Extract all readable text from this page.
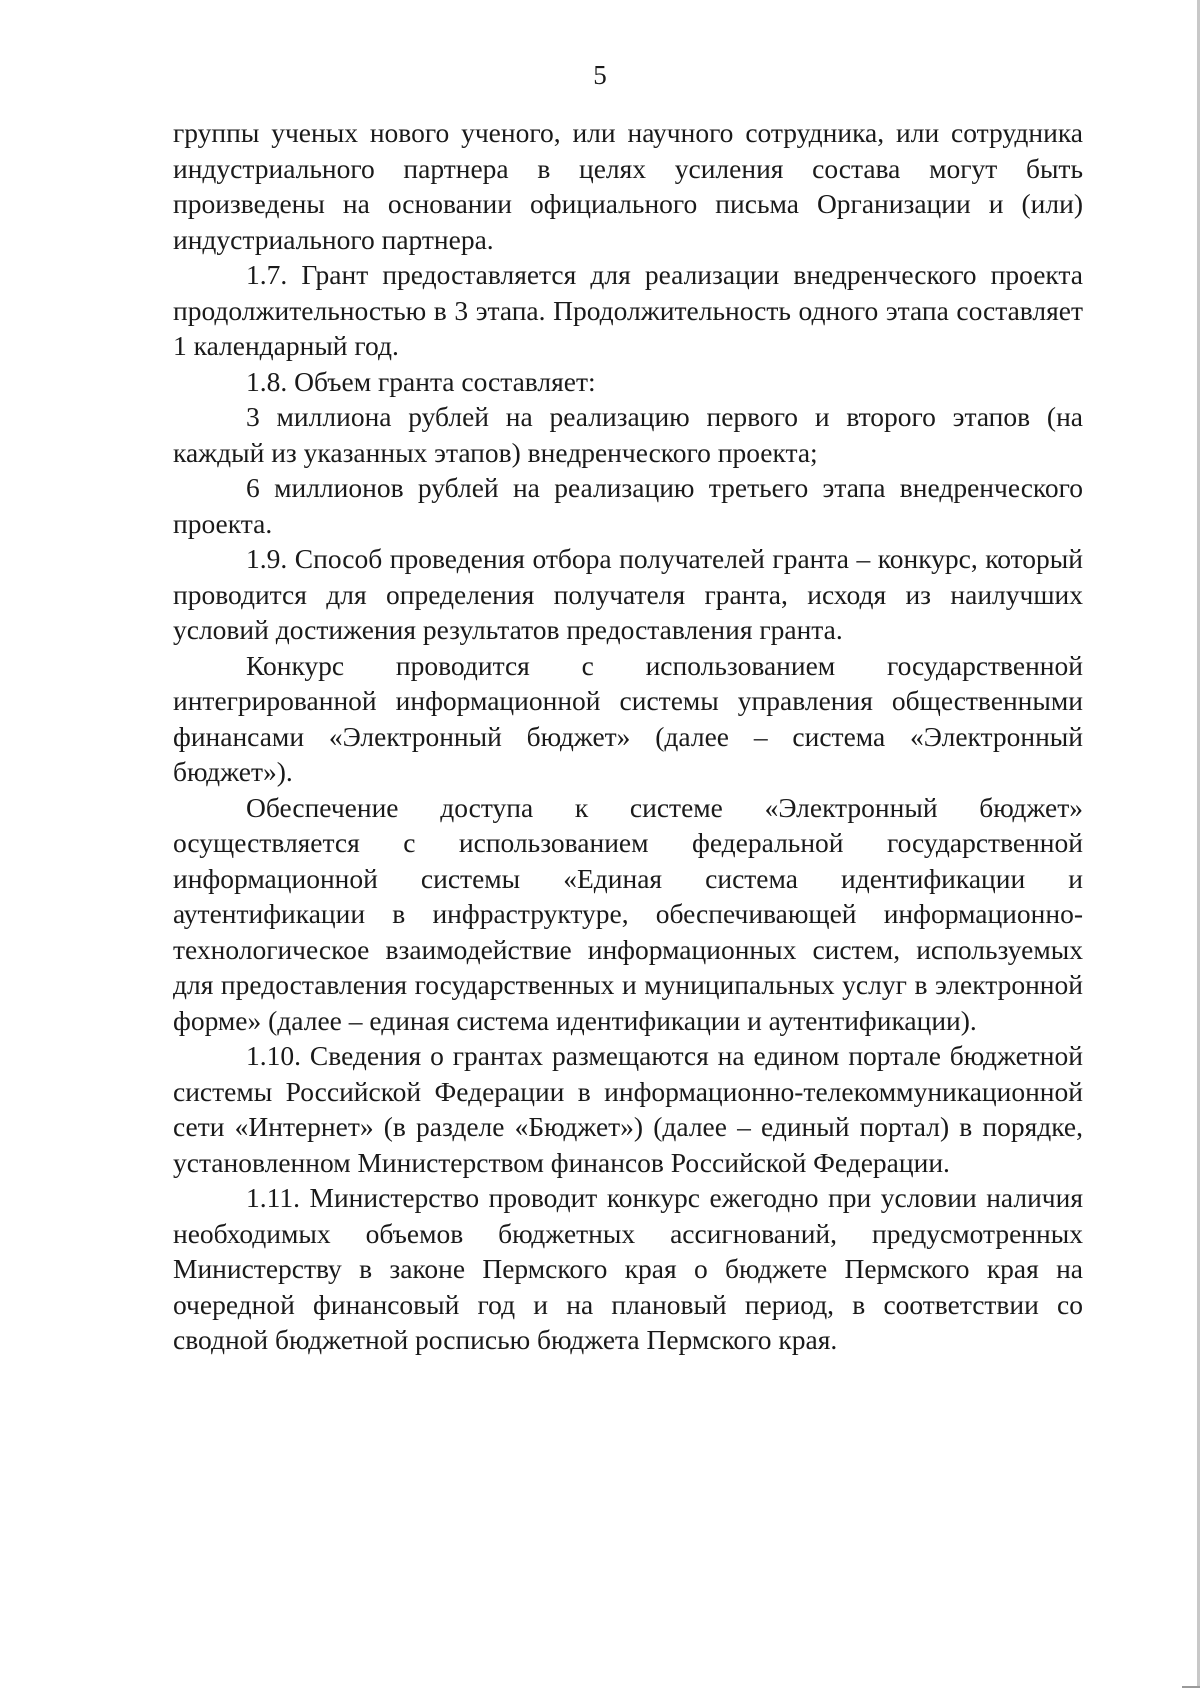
5

группы ученых нового ученого, или научного сотрудника, или сотрудника индустриального партнера в целях усиления состава могут быть произведены на основании официального письма Организации и (или) индустриального партнера.

1.7. Грант предоставляется для реализации внедренческого проекта продолжительностью в 3 этапа. Продолжительность одного этапа составляет 1 календарный год.

1.8. Объем гранта составляет:

3 миллиона рублей на реализацию первого и второго этапов (на каждый из указанных этапов) внедренческого проекта;

6 миллионов рублей на реализацию третьего этапа внедренческого проекта.

1.9. Способ проведения отбора получателей гранта – конкурс, который проводится для определения получателя гранта, исходя из наилучших условий достижения результатов предоставления гранта.

Конкурс проводится с использованием государственной интегрированной информационной системы управления общественными финансами «Электронный бюджет» (далее – система «Электронный бюджет»).

Обеспечение доступа к системе «Электронный бюджет» осуществляется с использованием федеральной государственной информационной системы «Единая система идентификации и аутентификации в инфраструктуре, обеспечивающей информационно-технологическое взаимодействие информационных систем, используемых для предоставления государственных и муниципальных услуг в электронной форме» (далее – единая система идентификации и аутентификации).

1.10. Сведения о грантах размещаются на едином портале бюджетной системы Российской Федерации в информационно-телекоммуникационной сети «Интернет» (в разделе «Бюджет») (далее – единый портал) в порядке, установленном Министерством финансов Российской Федерации.

1.11. Министерство проводит конкурс ежегодно при условии наличия необходимых объемов бюджетных ассигнований, предусмотренных Министерству в законе Пермского края о бюджете Пермского края на очередной финансовый год и на плановый период, в соответствии со сводной бюджетной росписью бюджета Пермского края.
